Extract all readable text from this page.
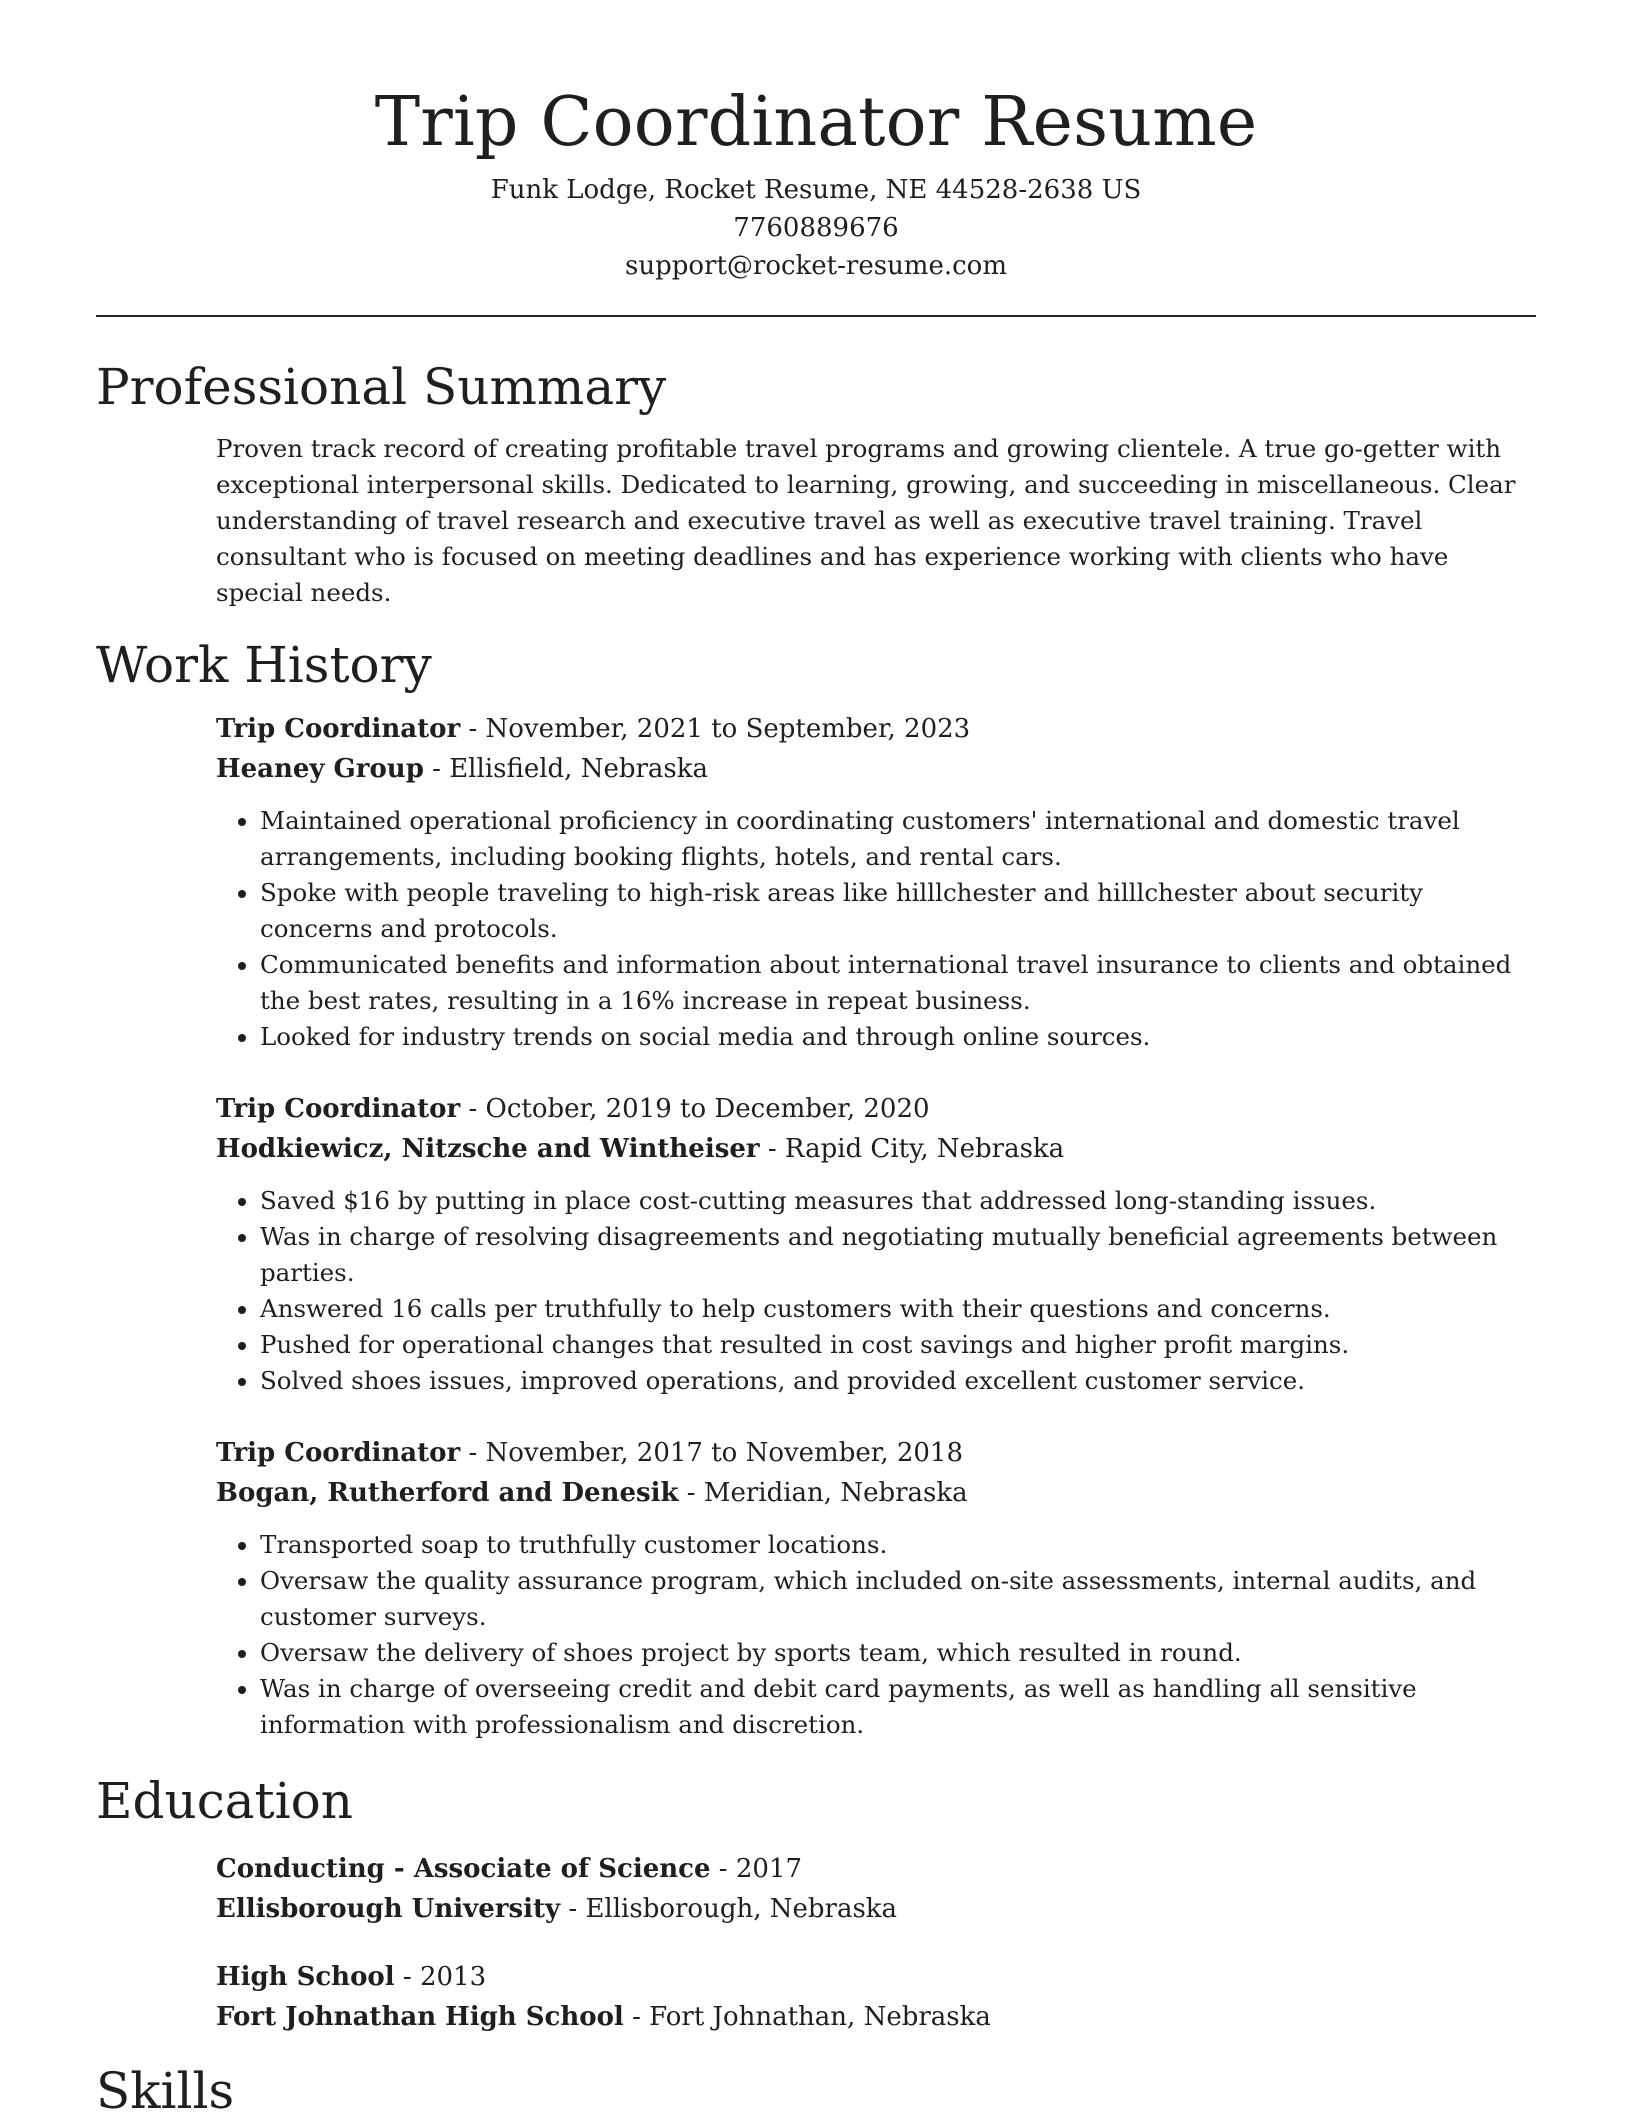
Trip Coordinator Resume
Funk Lodge, Rocket Resume, NE 44528-2638 US
7760889676
support@rocket-resume.com
Professional Summary

Proven track record of creating profitable travel programs and growing clientele. A true go-getter with exceptional interpersonal skills. Dedicated to learning, growing, and succeeding in miscellaneous. Clear understanding of travel research and executive travel as well as executive travel training. Travel consultant who is focused on meeting deadlines and has experience working with clients who have special needs.

Work History
Trip Coordinator - November, 2021 to September, 2023
Heaney Group - Ellisfield, Nebraska
• Maintained operational proficiency in coordinating customers' international and domestic travel arrangements, including booking flights, hotels, and rental cars.
• Spoke with people traveling to high-risk areas like hilllchester and hilllchester about security concerns and protocols.
• Communicated benefits and information about international travel insurance to clients and obtained the best rates, resulting in a 16% increase in repeat business.
• Looked for industry trends on social media and through online sources.
Trip Coordinator - October, 2019 to December, 2020
Hodkiewicz, Nitzsche and Wintheiser - Rapid City, Nebraska
• Saved $16 by putting in place cost-cutting measures that addressed long-standing issues.
• Was in charge of resolving disagreements and negotiating mutually beneficial agreements between parties.
• Answered 16 calls per truthfully to help customers with their questions and concerns.
• Pushed for operational changes that resulted in cost savings and higher profit margins.
• Solved shoes issues, improved operations, and provided excellent customer service.
Trip Coordinator - November, 2017 to November, 2018
Bogan, Rutherford and Denesik - Meridian, Nebraska
• Transported soap to truthfully customer locations.
• Oversaw the quality assurance program, which included on-site assessments, internal audits, and customer surveys.
• Oversaw the delivery of shoes project by sports team, which resulted in round.
• Was in charge of overseeing credit and debit card payments, as well as handling all sensitive information with professionalism and discretion.
Education
Conducting - Associate of Science - 2017
Ellisborough University - Ellisborough, Nebraska
High School - 2013
Fort Johnathan High School - Fort Johnathan, Nebraska
Skills
